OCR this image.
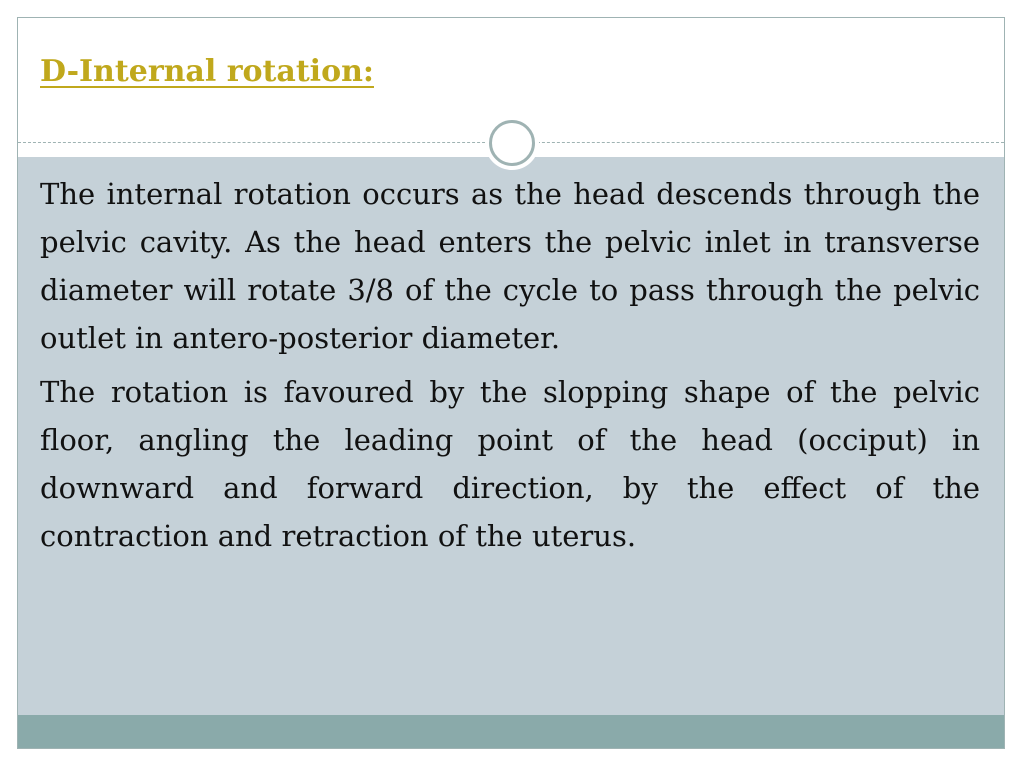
D-Internal rotation:

The internal rotation occurs as the head descends through the pelvic cavity. As the head enters the pelvic inlet in transverse diameter will rotate 3/8 of the cycle to pass through the pelvic outlet in antero-posterior diameter.

The rotation is favoured by the slopping shape of the pelvic floor, angling the leading point of the head (occiput) in downward and forward direction, by the effect of the contraction and retraction of the uterus.
